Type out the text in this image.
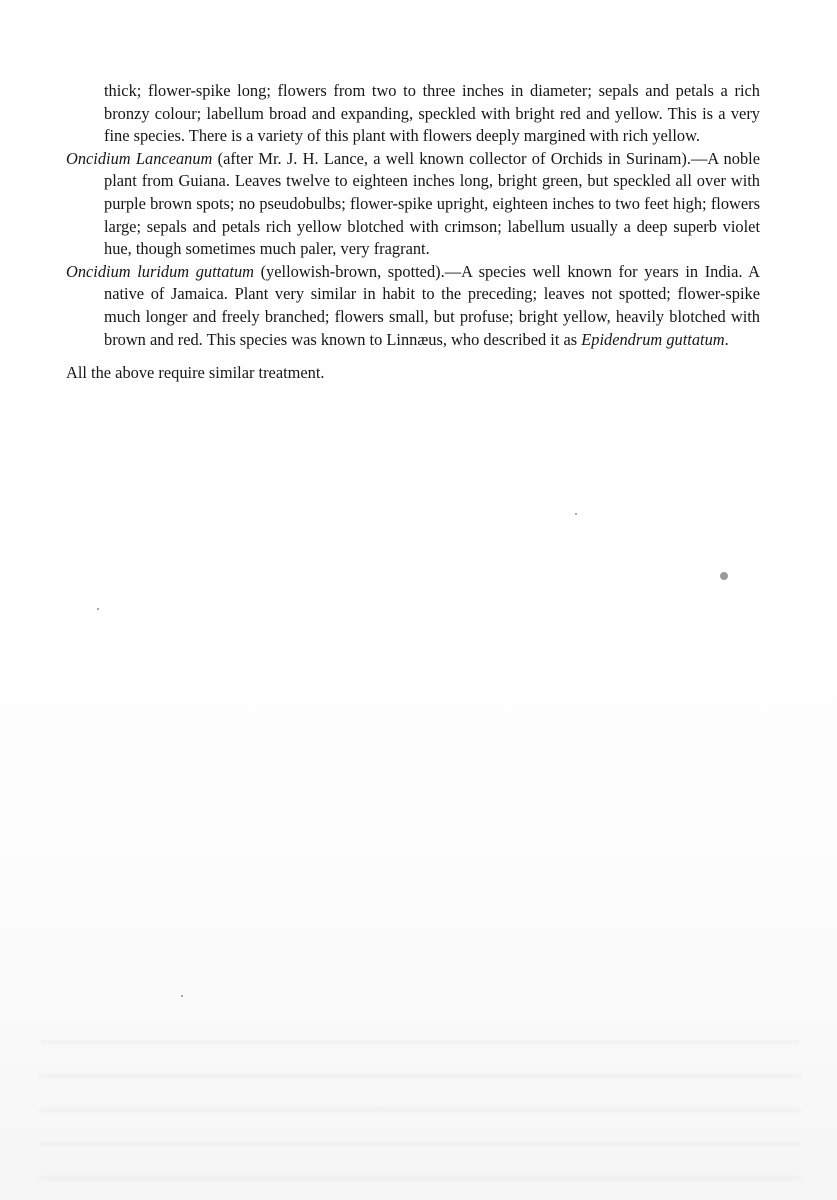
thick; flower-spike long; flowers from two to three inches in diameter; sepals and petals a rich bronzy colour; labellum broad and expanding, speckled with bright red and yellow. This is a very fine species. There is a variety of this plant with flowers deeply margined with rich yellow.

Oncidium Lanceanum (after Mr. J. H. Lance, a well known collector of Orchids in Surinam).—A noble plant from Guiana. Leaves twelve to eighteen inches long, bright green, but speckled all over with purple brown spots; no pseudobulbs; flower-spike upright, eighteen inches to two feet high; flowers large; sepals and petals rich yellow blotched with crimson; labellum usually a deep superb violet hue, though sometimes much paler, very fragrant.

Oncidium luridum guttatum (yellowish-brown, spotted).—A species well known for years in India. A native of Jamaica. Plant very similar in habit to the preceding; leaves not spotted; flower-spike much longer and freely branched; flowers small, but profuse; bright yellow, heavily blotched with brown and red. This species was known to Linnæus, who described it as Epidendrum guttatum.

All the above require similar treatment.
